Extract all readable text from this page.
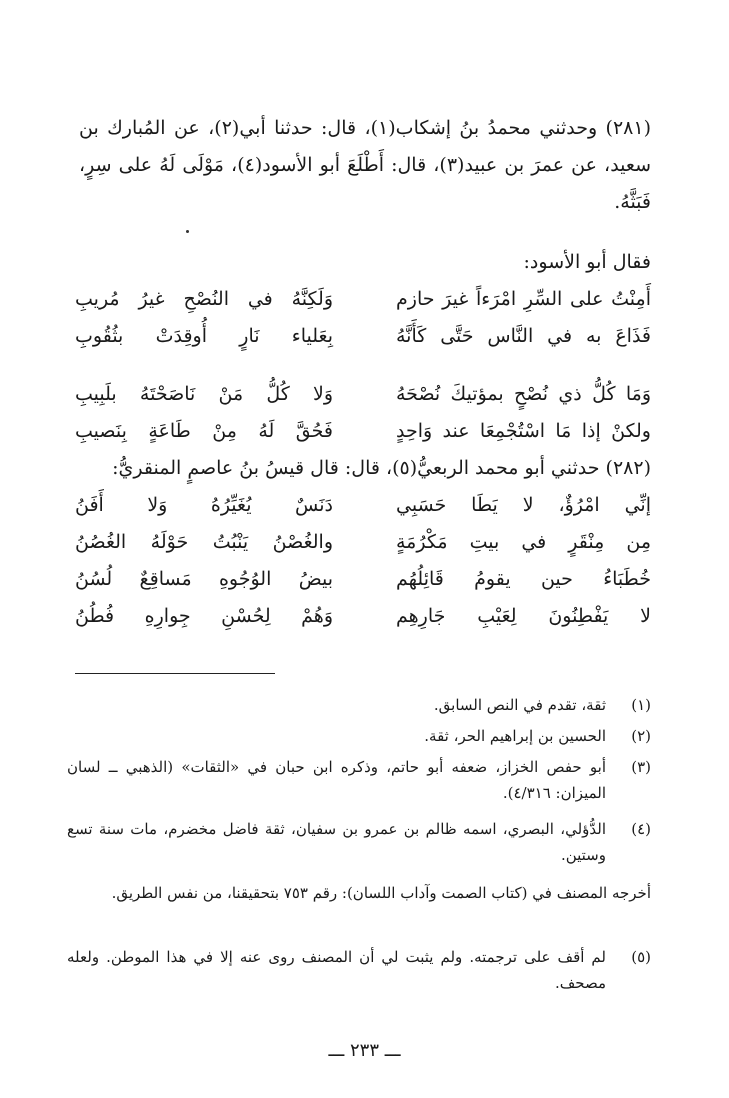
(٢٨١) وحدثني محمدُ بنُ إشكاب(١)، قال: حدثنا أبي(٢)، عن المُبارك بن سعيد، عن عمرَ بن عبيد(٣)، قال: أَطْلَعَ أبو الأسود(٤)، مَوْلَى لَهُ على سِرٍ، فَبَثَّهُ.

فقال أبو الأسود:

أَمِنْتُ على السِّرِ امْرَءاً غيرَ حازم
وَلَكِنَّهُ في النُصْحِ غيرُ مُريبِ
فَذَاعَ به في النَّاس حَتَّى كَأَنَّهُ
بِعَلياء نَارٍ أُوقِدَتْ بثُقُوبِ
وَمَا كُلُّ ذي نُصْحٍ بمؤتيكَ نُصْحَهُ
وَلا كُلُّ مَنْ نَاصَحْتَهُ بلَبِيبِ
ولكنْ إذا مَا اسْتُجْمِعَا عند وَاحِدٍ
فَحُقَّ لَهُ مِنْ طَاعَةٍ بِنَصيبِ

(٢٨٢) حدثني أبو محمد الربعيُّ(٥)، قال: قال قيسُ بنُ عاصمٍ المنقريُّ:

إنِّي امْرُؤٌ، لا يَطَا حَسَبِي
دَنَسٌ يُغَيِّرُهُ وَلا أَفَنُ
مِن مِنْقَرٍ في بيتِ مَكْرُمَةٍ
والغُصْنُ يَنْبُتُ حَوْلَهُ الغُصُنُ
خُطَبَاءُ حين يقومُ قَائِلُهُم
بيضُ الوُجُوهِ مَساقِعٌ لُسُنُ
لا يَفْطِنُونَ لِعَيْبِ جَارِهِم
وَهُمْ لِحُسْنِ جِوارِهِ فُطُنُ
(١)
ثقة، تقدم في النص السابق.
(٢)
الحسين بن إبراهيم الحر، ثقة.
(٣)
أبو حفص الخزاز، ضعفه أبو حاتم، وذكره ابن حبان في «الثقات» (الذهبي ــ لسان الميزان: ٤/٣١٦).
(٤)
الدُّؤلي، البصري، اسمه ظالم بن عمرو بن سفيان، ثقة فاضل مخضرم، مات سنة تسع وستين.
أخرجه المصنف في (كتاب الصمت وآداب اللسان): رقم ٧٥٣ بتحقيقنا، من نفس الطريق.
(٥)
لم أقف على ترجمته. ولم يثبت لي أن المصنف روى عنه إلا في هذا الموطن. ولعله مصحف.
ـــ ٢٣٣ ـــ
